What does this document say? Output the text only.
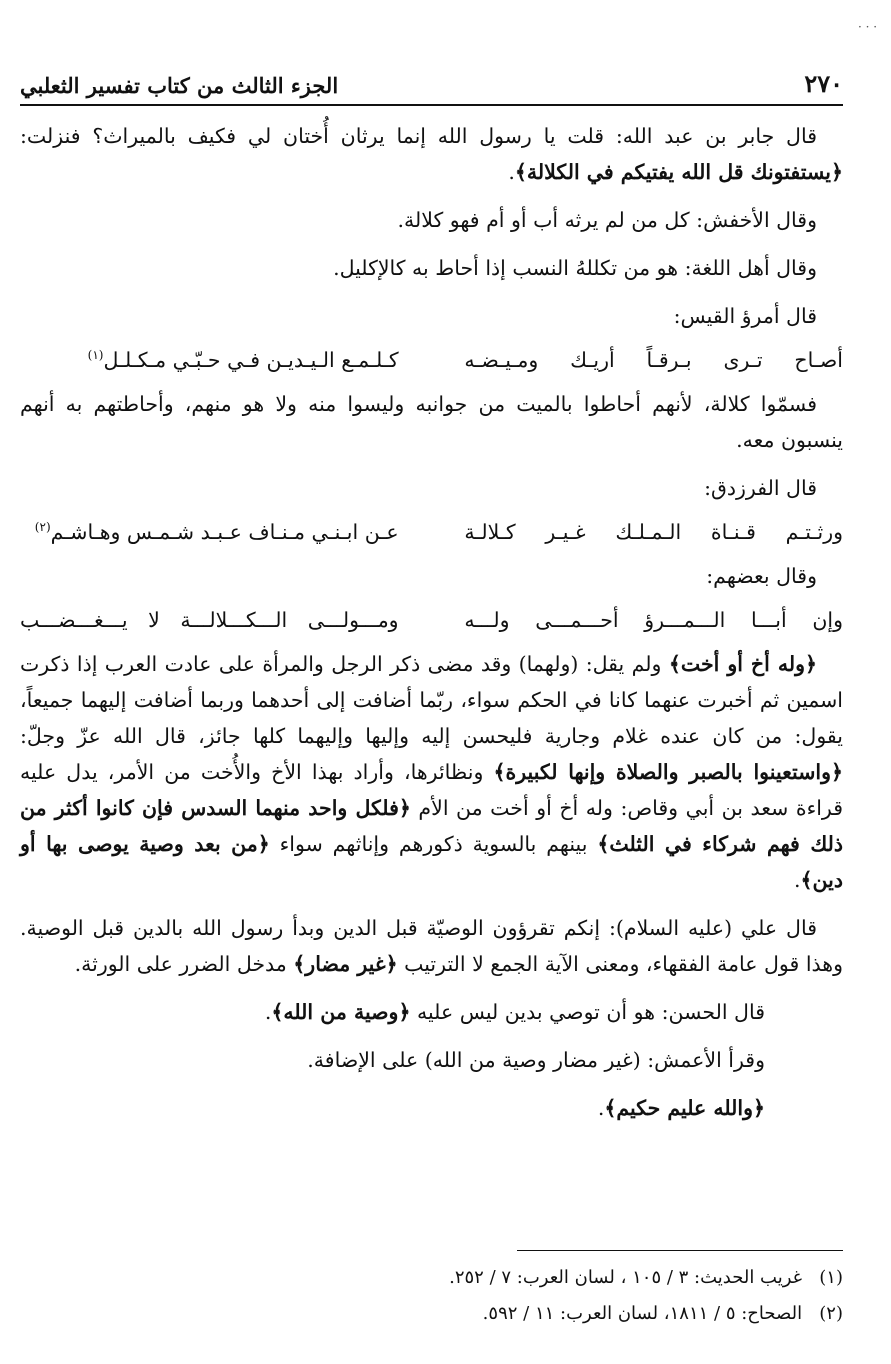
· · ·
٢٧٠
الجزء الثالث من كتاب تفسير الثعلبي

قال جابر بن عبد الله: قلت يا رسول الله إنما يرثان أُختان لي فكيف بالميراث؟ فنزلت: ﴿يستفتونك قل الله يفتيكم في الكلالة﴾.

وقال الأخفش: كل من لم يرثه أب أو أم فهو كلالة.

وقال أهل اللغة: هو من تكللهُ النسب إذا أحاط به كالإكليل.

قال أمرؤ القيس:

أصـاح تـرى بـرقـاً أريـك ومـيـضـه
كـلـمـع الـيـديـن فـي حـبّـي مـكـلـل$^{(١)}$

فسمّوا كلالة، لأنهم أحاطوا بالميت من جوانبه وليسوا منه ولا هو منهم، وأحاطتهم به أنهم ينسبون معه.

قال الفرزدق:

ورثـتـم قـنـاة الـمـلـك غـيـر كـلالـة
عـن ابـنـي مـنـاف عـبـد شـمـس وهـاشـم$^{(٢)}$

وقال بعضهم:

وإن أبـــا الـــمـــرؤ أحـــمـــى ولـــه
ومـــولـــى الـــكـــلالـــة لا يـــغـــضـــب

﴿وله أخ أو أخت﴾ ولم يقل: (ولهما) وقد مضى ذكر الرجل والمرأة على عادت العرب إذا ذكرت اسمين ثم أخبرت عنهما كانا في الحكم سواء، ربّما أضافت إلى أحدهما وربما أضافت إليهما جميعاً، يقول: من كان عنده غلام وجارية فليحسن إليه وإليها وإليهما كلها جائز، قال الله عزّ وجلّ: ﴿واستعينوا بالصبر والصلاة وإنها لكبيرة﴾ ونظائرها، وأراد بهذا الأخ والأُخت من الأمر، يدل عليه قراءة سعد بن أبي وقاص: وله أخ أو أخت من الأم ﴿فلكل واحد منهما السدس فإن كانوا أكثر من ذلك فهم شركاء في الثلث﴾ بينهم بالسوية ذكورهم وإناثهم سواء ﴿من بعد وصية يوصى بها أو دين﴾.

قال علي (عليه السلام): إنكم تقرؤون الوصيّة قبل الدين وبدأ رسول الله بالدين قبل الوصية. وهذا قول عامة الفقهاء، ومعنى الآية الجمع لا الترتيب ﴿غير مضار﴾ مدخل الضرر على الورثة.

قال الحسن: هو أن توصي بدين ليس عليه ﴿وصية من الله﴾.

وقرأ الأعمش: (غير مضار وصية من الله) على الإضافة.

﴿والله عليم حكيم﴾.

(١)   غريب الحديث: ٣ / ١٠٥ ، لسان العرب: ٧ / ٢٥٢.

(٢)   الصحاح: ٥ / ١٨١١، لسان العرب: ١١ / ٥٩٢.
